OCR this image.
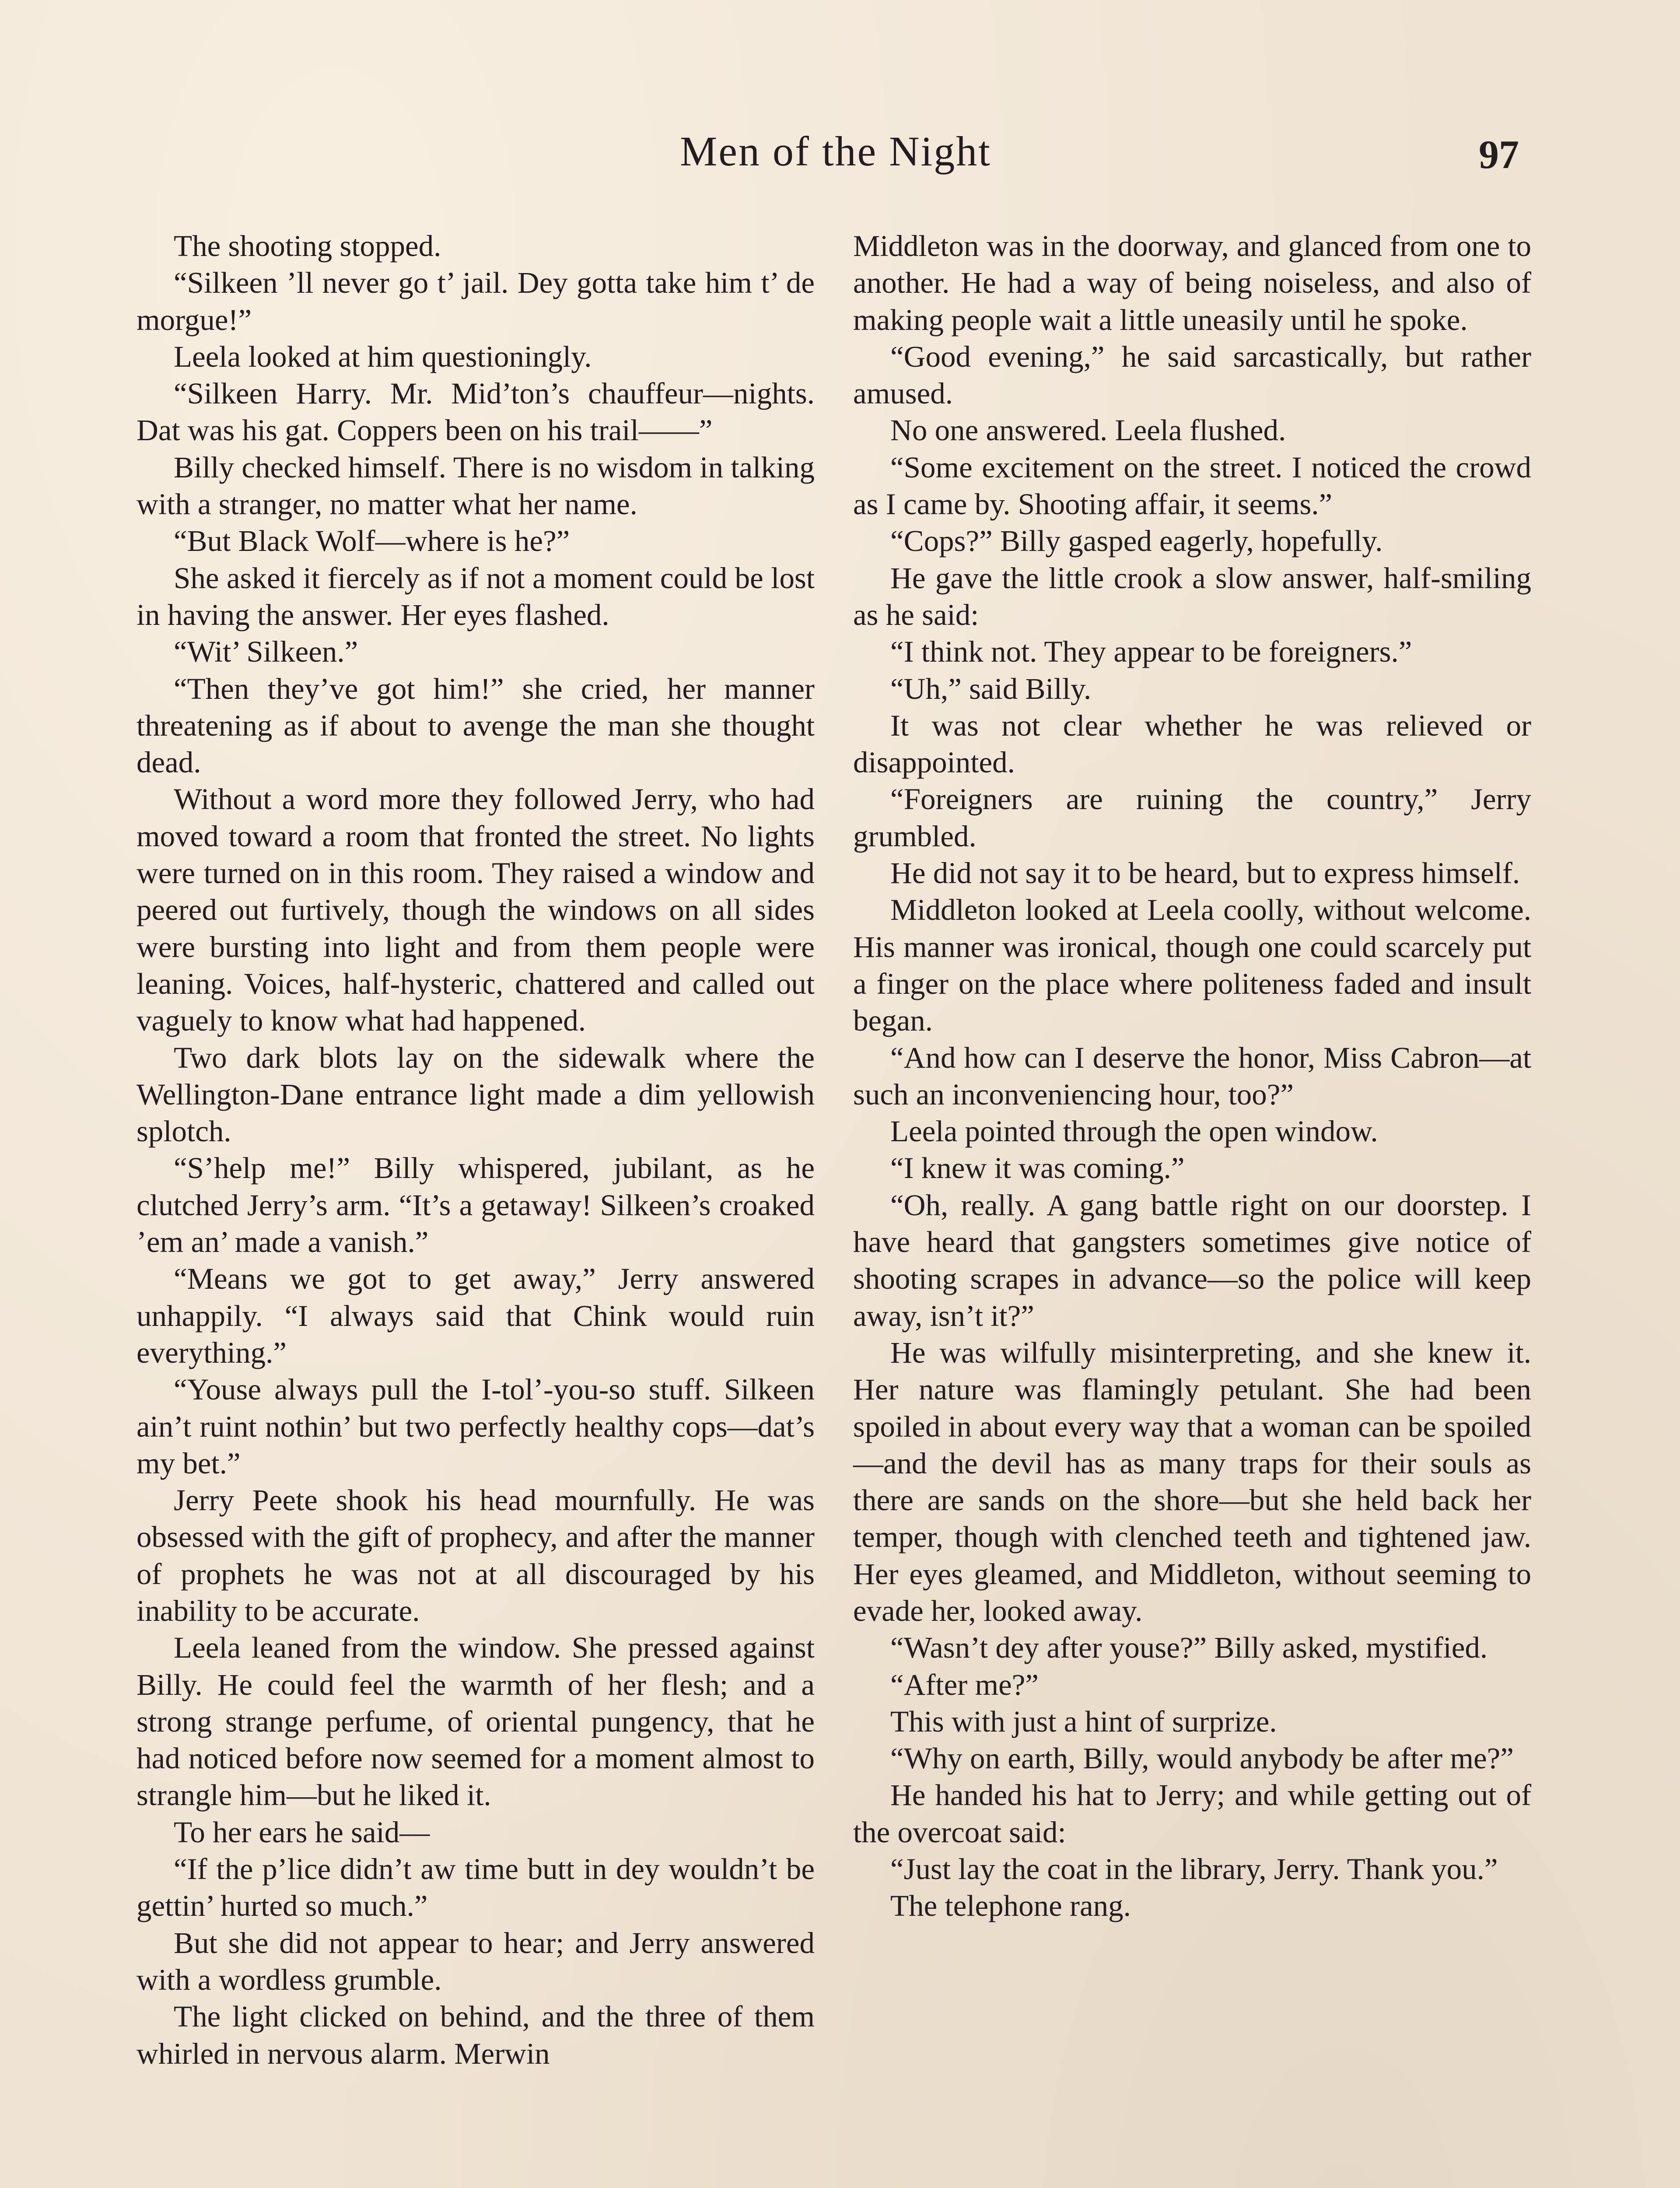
Men of the Night	97

The shooting stopped.

“Silkeen ’ll never go t’ jail. Dey gotta take him t’ de morgue!”

Leela looked at him questioningly.

“Silkeen Harry. Mr. Mid’ton’s chauffeur—nights. Dat was his gat. Coppers been on his trail——”

Billy checked himself. There is no wisdom in talking with a stranger, no matter what her name.

“But Black Wolf—where is he?”

She asked it fiercely as if not a moment could be lost in having the answer. Her eyes flashed.

“Wit’ Silkeen.”

“Then they’ve got him!” she cried, her manner threatening as if about to avenge the man she thought dead.

Without a word more they followed Jerry, who had moved toward a room that fronted the street. No lights were turned on in this room. They raised a window and peered out furtively, though the windows on all sides were bursting into light and from them people were leaning. Voices, half-hysteric, chattered and called out vaguely to know what had happened.

Two dark blots lay on the sidewalk where the Wellington-Dane entrance light made a dim yellowish splotch.

“S’help me!” Billy whispered, jubilant, as he clutched Jerry’s arm. “It’s a getaway! Silkeen’s croaked ’em an’ made a vanish.”

“Means we got to get away,” Jerry answered unhappily. “I always said that Chink would ruin everything.”

“Youse always pull the I-tol’-you-so stuff. Silkeen ain’t ruint nothin’ but two perfectly healthy cops—dat’s my bet.”

Jerry Peete shook his head mournfully. He was obsessed with the gift of prophecy, and after the manner of prophets he was not at all discouraged by his inability to be accurate.

Leela leaned from the window. She pressed against Billy. He could feel the warmth of her flesh; and a strong strange perfume, of oriental pungency, that he had noticed before now seemed for a moment almost to strangle him—but he liked it.

To her ears he said—

“If the p’lice didn’t aw time butt in dey wouldn’t be gettin’ hurted so much.”

But she did not appear to hear; and Jerry answered with a wordless grumble.

The light clicked on behind, and the three of them whirled in nervous alarm. Merwin

Middleton was in the doorway, and glanced from one to another. He had a way of being noiseless, and also of making people wait a little uneasily until he spoke.

“Good evening,” he said sarcastically, but rather amused.

No one answered. Leela flushed.

“Some excitement on the street. I noticed the crowd as I came by. Shooting affair, it seems.”

“Cops?” Billy gasped eagerly, hopefully.

He gave the little crook a slow answer, half-smiling as he said:

“I think not. They appear to be foreigners.”

“Uh,” said Billy.

It was not clear whether he was relieved or disappointed.

“Foreigners are ruining the country,” Jerry grumbled.

He did not say it to be heard, but to express himself.

Middleton looked at Leela coolly, without welcome. His manner was ironical, though one could scarcely put a finger on the place where politeness faded and insult began.

“And how can I deserve the honor, Miss Cabron—at such an inconveniencing hour, too?”

Leela pointed through the open window.

“I knew it was coming.”

“Oh, really. A gang battle right on our doorstep. I have heard that gangsters sometimes give notice of shooting scrapes in advance—so the police will keep away, isn’t it?”

He was wilfully misinterpreting, and she knew it. Her nature was flamingly petulant. She had been spoiled in about every way that a woman can be spoiled—and the devil has as many traps for their souls as there are sands on the shore—but she held back her temper, though with clenched teeth and tightened jaw. Her eyes gleamed, and Middleton, without seeming to evade her, looked away.

“Wasn’t dey after youse?” Billy asked, mystified.

“After me?”

This with just a hint of surprize.

“Why on earth, Billy, would anybody be after me?”

He handed his hat to Jerry; and while getting out of the overcoat said:

“Just lay the coat in the library, Jerry. Thank you.”

The telephone rang.
